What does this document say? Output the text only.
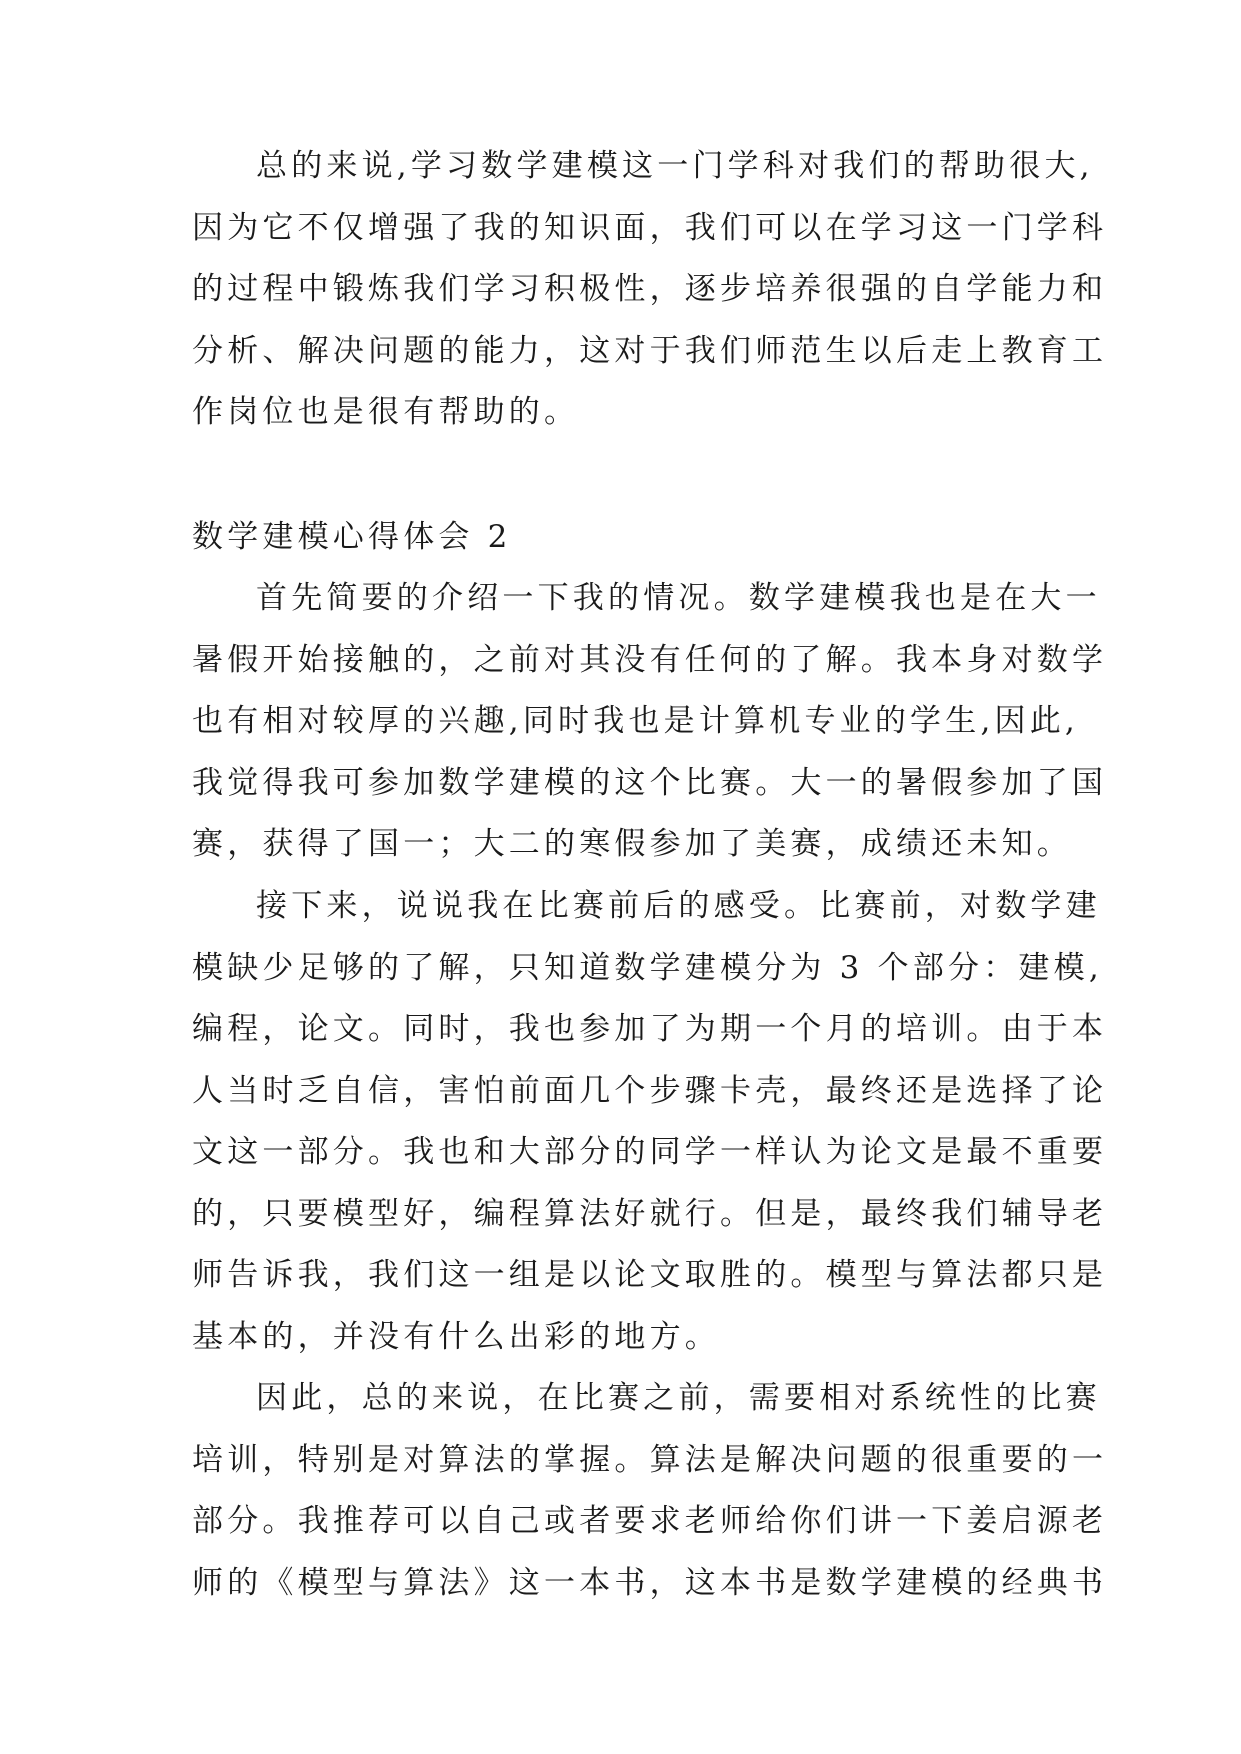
总的来说,学习数学建模这一门学科对我们的帮助很大,
因为它不仅增强了我的知识面，我们可以在学习这一门学科
的过程中锻炼我们学习积极性，逐步培养很强的自学能力和
分析、解决问题的能力，这对于我们师范生以后走上教育工
作岗位也是很有帮助的。
数学建模心得体会 2
首先简要的介绍一下我的情况。数学建模我也是在大一
暑假开始接触的，之前对其没有任何的了解。我本身对数学
也有相对较厚的兴趣,同时我也是计算机专业的学生,因此,
我觉得我可参加数学建模的这个比赛。大一的暑假参加了国
赛，获得了国一；大二的寒假参加了美赛，成绩还未知。
接下来，说说我在比赛前后的感受。比赛前，对数学建
模缺少足够的了解，只知道数学建模分为 3 个部分：建模,
编程，论文。同时，我也参加了为期一个月的培训。由于本
人当时乏自信，害怕前面几个步骤卡壳，最终还是选择了论
文这一部分。我也和大部分的同学一样认为论文是最不重要
的，只要模型好，编程算法好就行。但是，最终我们辅导老
师告诉我，我们这一组是以论文取胜的。模型与算法都只是
基本的，并没有什么出彩的地方。
因此，总的来说，在比赛之前，需要相对系统性的比赛
培训，特别是对算法的掌握。算法是解决问题的很重要的一
部分。我推荐可以自己或者要求老师给你们讲一下姜启源老
师的《模型与算法》这一本书，这本书是数学建模的经典书
